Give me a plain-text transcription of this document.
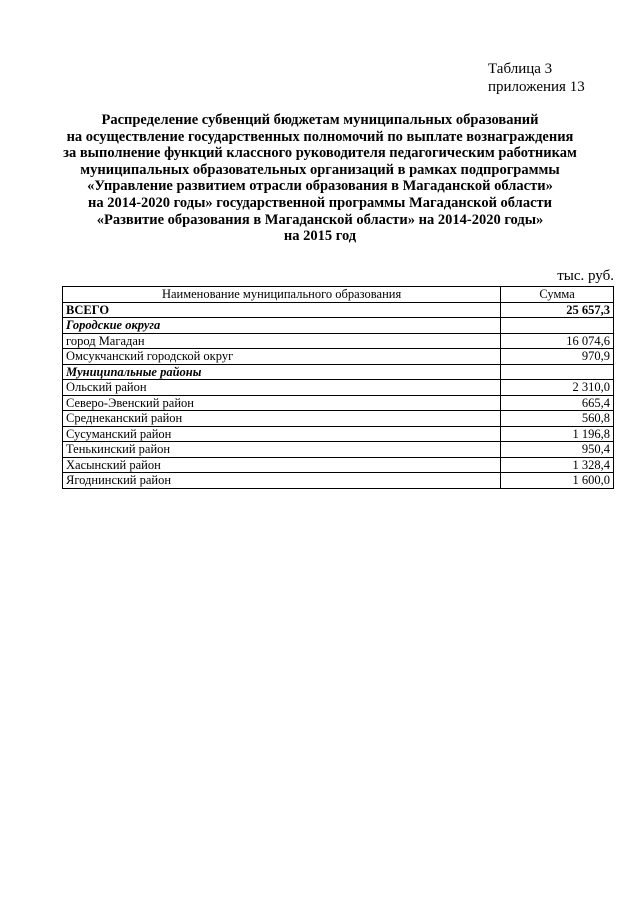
Таблица 3
приложения 13
Распределение субвенций бюджетам муниципальных образований
на осуществление государственных полномочий по выплате вознаграждения
за выполнение функций классного руководителя педагогическим работникам
муниципальных образовательных организаций в рамках подпрограммы
«Управление развитием отрасли образования в Магаданской области»
на 2014-2020 годы» государственной программы Магаданской области
«Развитие образования в Магаданской области» на 2014-2020 годы»
на 2015 год
тыс. руб.
Наименование муниципального образования	Сумма
ВСЕГО	25 657,3
Городские округа	
город Магадан	16 074,6
Омсукчанский городской округ	970,9
Муниципальные районы	
Ольский район	2 310,0
Северо-Эвенский район	665,4
Среднеканский район	560,8
Сусуманский район	1 196,8
Тенькинский район	950,4
Хасынский район	1 328,4
Ягоднинский район	1 600,0
